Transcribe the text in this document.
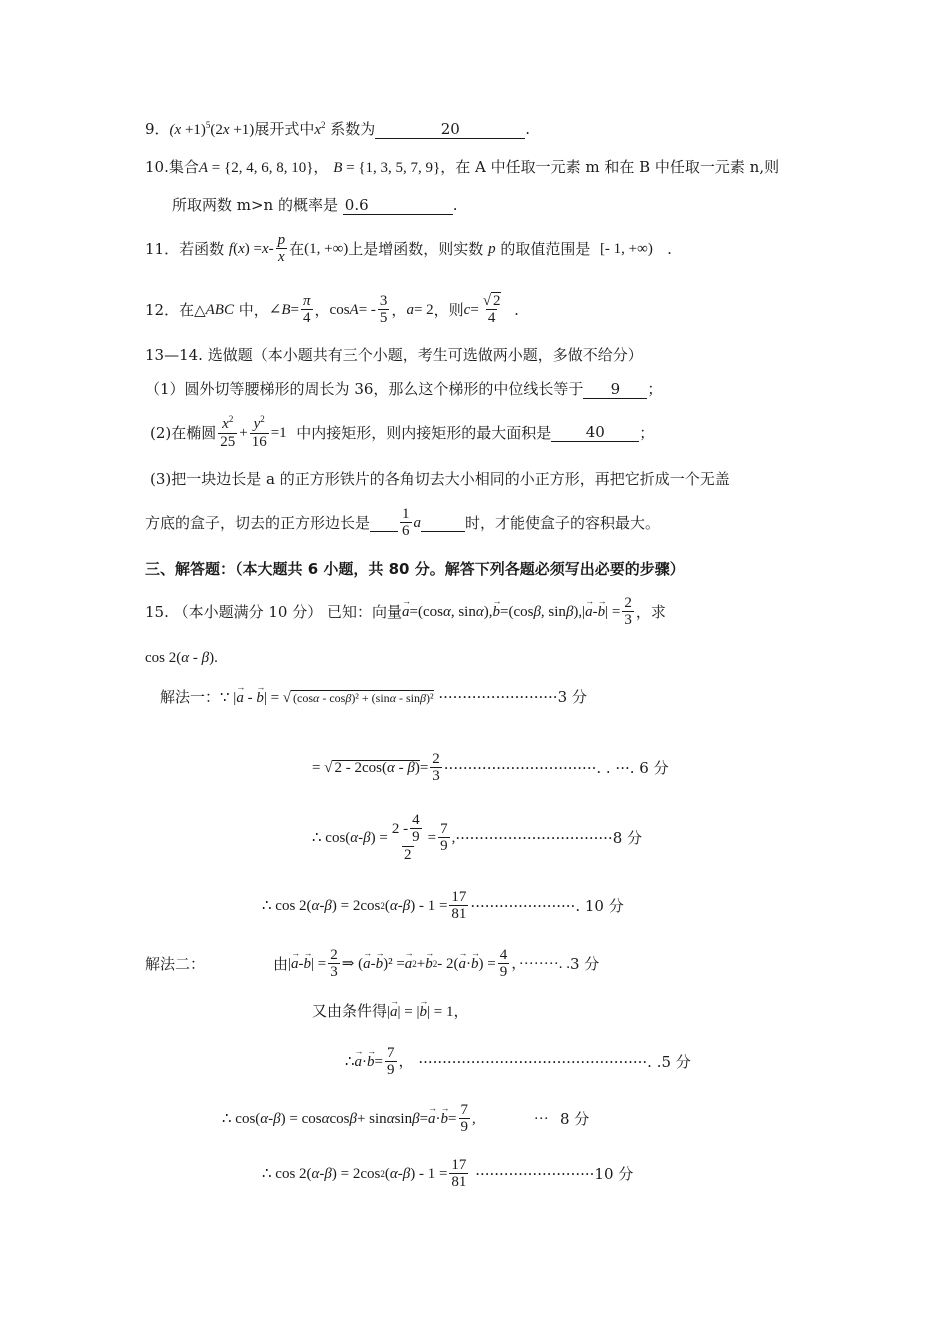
9．$(x +1)^5(2x +1)$展开式中$x^2$ 系数为	20	.
10.集合A = {2, 4, 6, 8, 10}， B = {1, 3, 5, 7, 9}，在 A 中任取一元素 m 和在 B 中任取一元素 n,则
所取两数 m>n 的概率是 0.6	.
11． 若函数
f ( x ) = x - $\frac{p}{x}$ 在 (1, +∞) 上是增函数，则实数
p
的取值范围是
[- 1, +∞)
.
12． 在△ ABC
中， ∠ $B = \frac{\pi}{4}$ ， cos A = - $\frac{3}{5}$ ， a = 2 ，则 $c = \frac{√ 2}{4}$
.
13—14. 选做题（本小题共有三个小题，考生可选做两小题，多做不给分）
（1）圆外切等腰梯形的周长为 36，那么这个梯形的中位线长等于 9 ；
(2)在椭圆 $\frac{x^2}{25} + \frac{y^2}{16} =1$
中内接矩形，则内接矩形的最大面积是	40	；
(3)把一块边长是 a 的正方形铁片的各角切去大小相同的小正方形，再把它折成一个无盖
方底的盒子，切去的正方形边长是
$\frac{1}{6}$ a
	时，才能使盒子的容积最大。
三、解答题：（本大题共 6 小题，共 80 分。解答下列各题必须写出必要的步骤）
15. （本小题满分 10 分） 已知：向量 → a =(cos α , sin α ), → b =(cos β , sin β ),| → a - → b | = $\frac{2}{3}$ ，求
cos 2(α - β).
解法一：∵ |→ a - → b| = √ (cosα - cosβ)² + (sinα - sinβ)² ·························3 分
= √ $2 - 2\cos(\alpha - \beta) = \frac{2}{3}$ ································. . ···.
6 分
∴ cos( α - β ) = $\frac{2 - \frac{4}{9}}{2} = \frac{7}{9}$ , ································· 8 分
∴ cos 2( α - β ) = 2cos 2 ( α - β ) - $1 = \frac{17}{81}$ ······················.
10 分
解法二：	由 | → a - → b | = $\frac{2}{3}$ ⇒ ( → a - → b )² = → a 2 + → b 2 - 2( → a · → b ) = $\frac{4}{9}$ ，········. . 3 分
又由条件得|→ a| = |→ b| = 1，
∴ → a · → $b = \frac{7}{9}$ ，
················································. . 5 分
∴ cos( α - β ) = cos α cos β + sin α sin β = → a · → $b = \frac{7}{9}$ ,	··· 8 分
∴ cos 2( α - β ) = 2cos 2 ( α - β ) - $1 = \frac{17}{81}$
························· 10 分
